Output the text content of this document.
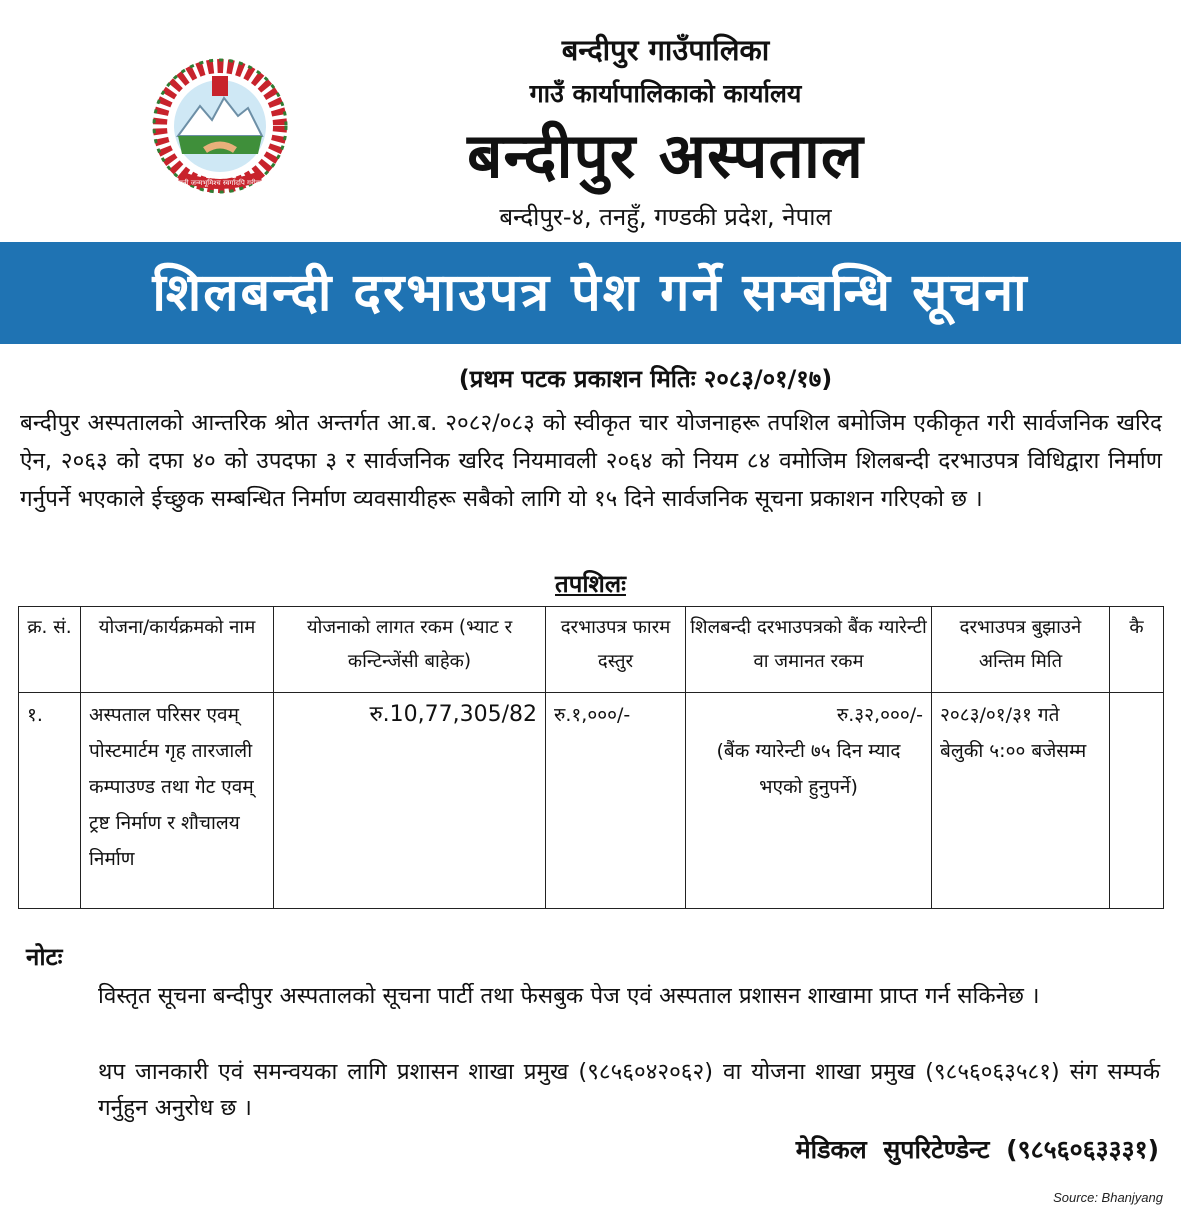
जननी जन्मभूमिश्च स्वर्गादपि गरीयसी
बन्दीपुर गाउँपालिका
गाउँ कार्यापालिकाको कार्यालय
बन्दीपुर अस्पताल
बन्दीपुर-४, तनहुँ, गण्डकी प्रदेश, नेपाल
शिलबन्दी दरभाउपत्र पेश गर्ने सम्बन्धि सूचना
(प्रथम पटक प्रकाशन मितिः २०८३/०१/१७)
बन्दीपुर अस्पतालको आन्तरिक श्रोत अन्तर्गत आ.ब. २०८२/०८३ को स्वीकृत चार योजनाहरू तपशिल बमोजिम एकीकृत गरी सार्वजनिक खरिद ऐन, २०६३ को दफा ४० को उपदफा ३ र सार्वजनिक खरिद नियमावली २०६४ को नियम ८४ वमोजिम शिलबन्दी दरभाउपत्र विधिद्वारा निर्माण गर्नुपर्ने भएकाले ईच्छुक सम्बन्धित निर्माण व्यवसायीहरू सबैको लागि यो १५ दिने सार्वजनिक सूचना प्रकाशन गरिएको छ ।
तपशिलः
क्र. सं.	योजना/कार्यक्रमको नाम	योजनाको लागत रकम (भ्याट र कन्टिन्जेंसी बाहेक)	दरभाउपत्र फारम दस्तुर	शिलबन्दी दरभाउपत्रको बैंक ग्यारेन्टी वा जमानत रकम	दरभाउपत्र बुझाउने अन्तिम मिति	कै
१.	अस्पताल परिसर एवम् पोस्टमार्टम गृह तारजाली कम्पाउण्ड तथा गेट एवम् ट्रष्ट निर्माण र शौचालय निर्माण	रु.10,77,305/82	रु.१,०००/-	रु.३२,०००/-
(बैंक ग्यारेन्टी ७५ दिन म्याद भएको हुनुपर्ने)	२०८३/०१/३१ गते बेलुकी ५:०० बजेसम्म	
नोटः
विस्तृत सूचना बन्दीपुर अस्पतालको सूचना पार्टी तथा फेसबुक पेज एवं अस्पताल प्रशासन शाखामा प्राप्त गर्न सकिनेछ ।
थप जानकारी एवं समन्वयका लागि प्रशासन शाखा प्रमुख (९८५६०४२०६२) वा योजना शाखा प्रमुख (९८५६०६३५८१) संग सम्पर्क गर्नुहुन अनुरोध छ ।
मेडिकल सुपरिटेण्डेन्ट (९८५६०६३३३१)
Source: Bhanjyang
